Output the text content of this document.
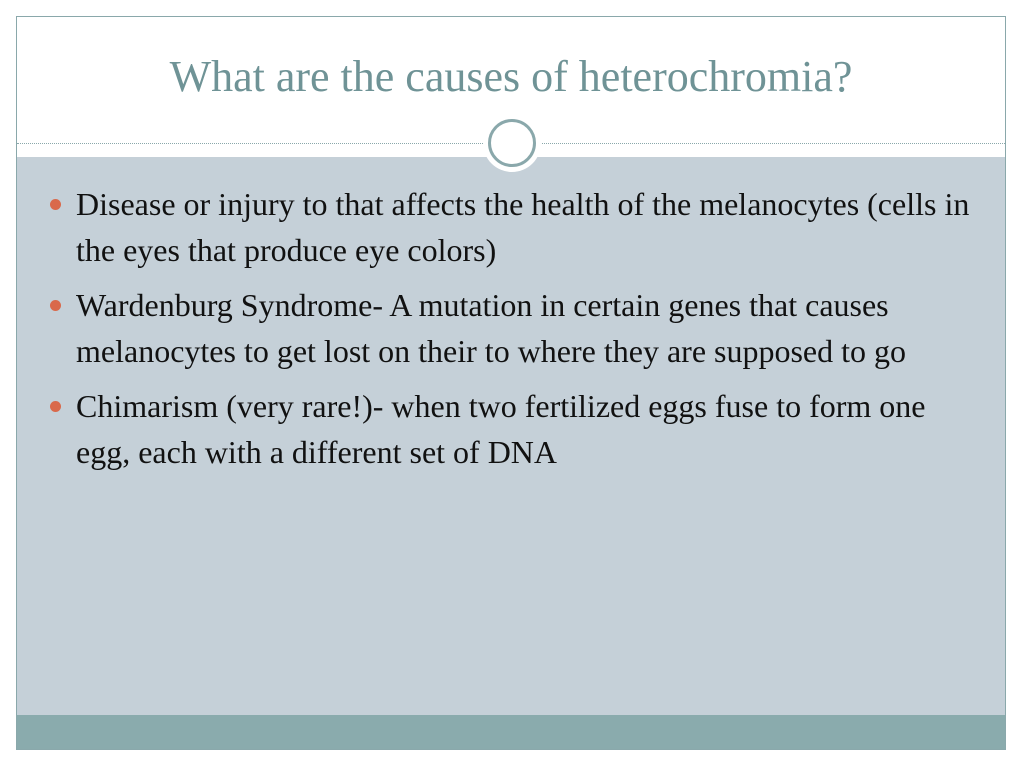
What are the causes of heterochromia?
Disease or injury to that affects the health of the melanocytes (cells in the eyes that produce eye colors)
Wardenburg Syndrome- A mutation in certain genes that causes melanocytes to get lost on their to where they are supposed to go
Chimarism (very rare!)- when two fertilized eggs fuse to form one egg, each with a different set of DNA
